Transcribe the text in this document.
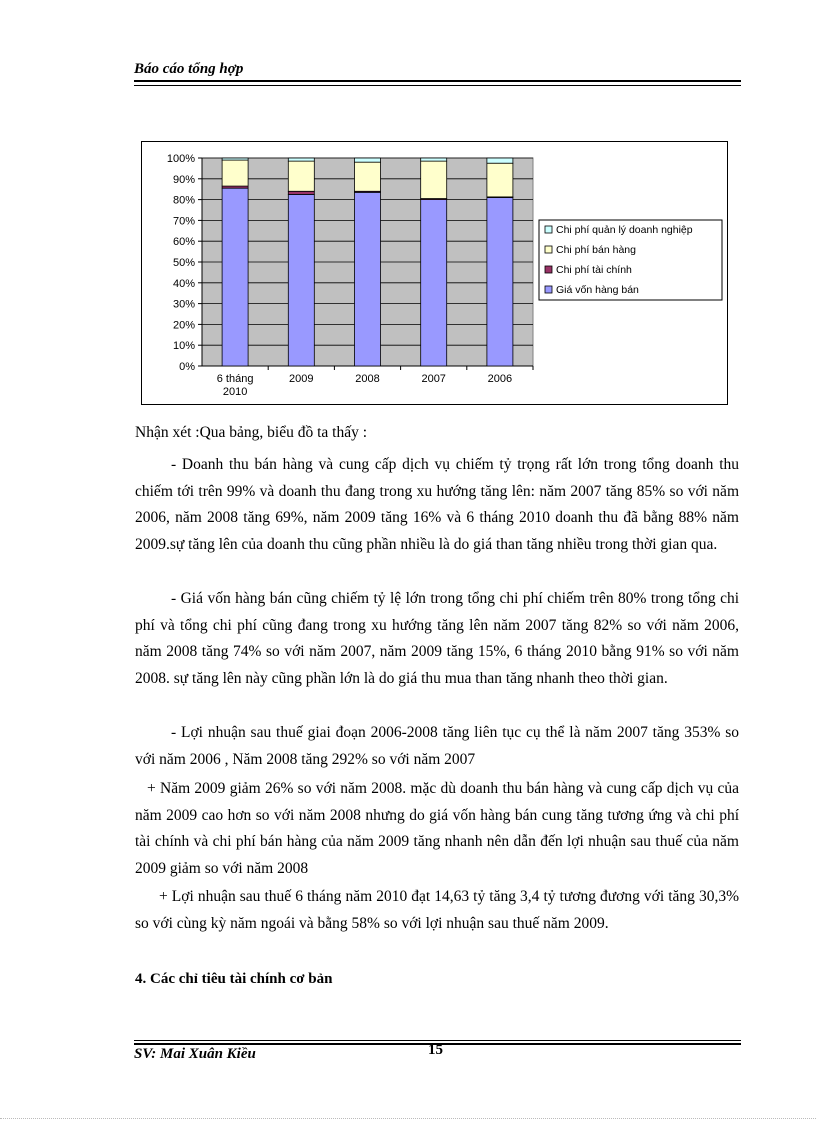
Báo cáo tổng hợp
0%
10%
20%
30%
40%
50%
60%
70%
80%
90%
100%
6 tháng 2010
2009	2008	2007	2006
Chi phí quản lý doanh nghiệp
Chi phí bán hàng
Chi phí tài chính
Giá vốn hàng bán

Nhận xét :Qua bảng, biểu đồ ta thấy :

- Doanh thu bán hàng và cung cấp dịch vụ chiếm tỷ trọng rất lớn trong tổng doanh thu chiếm tới trên 99% và doanh thu đang trong xu hướng tăng lên: năm 2007 tăng 85% so với năm 2006, năm 2008 tăng 69%, năm 2009 tăng 16% và 6 tháng 2010 doanh thu đã bằng 88% năm 2009.sự tăng lên của doanh thu cũng phần nhiều là do giá than tăng nhiều trong thời gian qua.

- Giá vốn hàng bán cũng chiếm tỷ lệ lớn trong tổng chi phí chiếm trên 80% trong tổng chi phí và tổng chi phí cũng đang trong xu hướng tăng lên năm 2007 tăng 82% so với năm 2006, năm 2008 tăng 74% so với năm 2007, năm 2009 tăng 15%, 6 tháng 2010 bằng 91% so với năm 2008. sự tăng lên này cũng phần lớn là do giá thu mua than tăng nhanh theo thời gian.

- Lợi nhuận sau thuế giai đoạn 2006-2008 tăng liên tục cụ thể là năm 2007 tăng 353% so với năm 2006 , Năm 2008 tăng 292% so với năm 2007

+ Năm 2009 giảm 26% so với năm 2008. mặc dù doanh thu bán hàng và cung cấp dịch vụ của năm 2009 cao hơn so với năm 2008 nhưng do giá vốn hàng bán cung tăng tương ứng và chi phí tài chính và chi phí bán hàng của năm 2009 tăng nhanh nên dẫn đến lợi nhuận sau thuế của năm 2009 giảm so với năm 2008

+ Lợi nhuận sau thuế 6 tháng năm 2010 đạt 14,63 tỷ tăng 3,4 tỷ tương đương với tăng 30,3% so với cùng kỳ năm ngoái và bằng 58% so với lợi nhuận sau thuế năm 2009.

4. Các chỉ tiêu tài chính cơ bản
SV: Mai Xuân Kiều	15
